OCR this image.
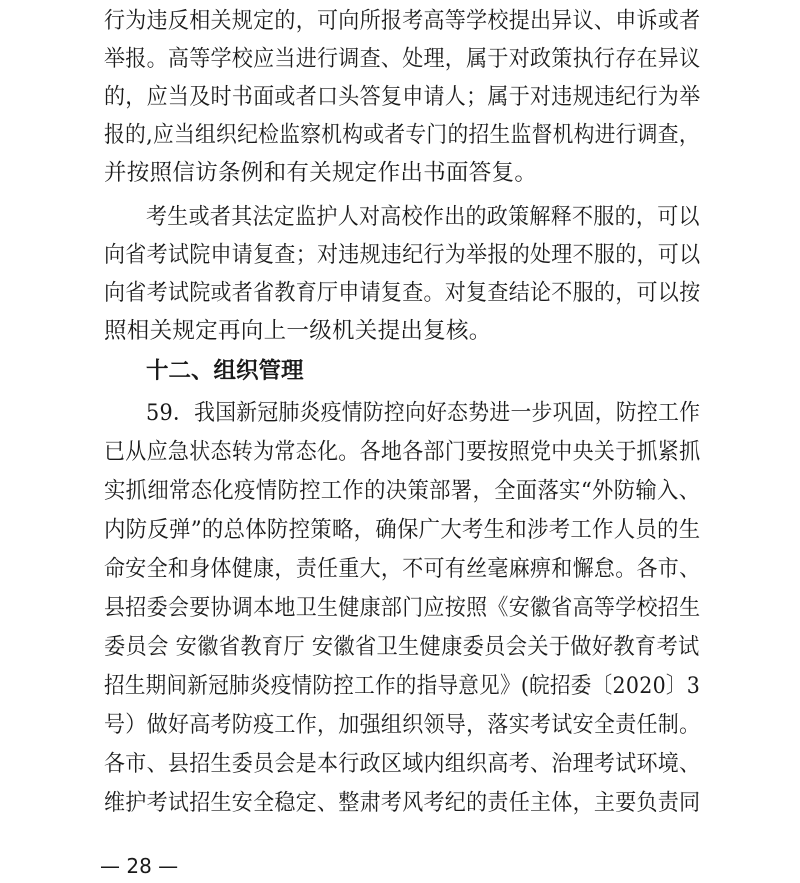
行为违反相关规定的，可向所报考高等学校提出异议、申诉或者
举报。高等学校应当进行调查、处理，属于对政策执行存在异议
的，应当及时书面或者口头答复申请人；属于对违规违纪行为举
报的,应当组织纪检监察机构或者专门的招生监督机构进行调查，
并按照信访条例和有关规定作出书面答复。
考生或者其法定监护人对高校作出的政策解释不服的，可以
向省考试院申请复查；对违规违纪行为举报的处理不服的，可以
向省考试院或者省教育厅申请复查。对复查结论不服的，可以按
照相关规定再向上一级机关提出复核。
十二、组织管理
59．我国新冠肺炎疫情防控向好态势进一步巩固，防控工作
已从应急状态转为常态化。各地各部门要按照党中央关于抓紧抓
实抓细常态化疫情防控工作的决策部署，全面落实“外防输入、
内防反弹”的总体防控策略，确保广大考生和涉考工作人员的生
命安全和身体健康，责任重大，不可有丝毫麻痹和懈怠。各市、
县招委会要协调本地卫生健康部门应按照《安徽省高等学校招生
委员会 安徽省教育厅 安徽省卫生健康委员会关于做好教育考试
招生期间新冠肺炎疫情防控工作的指导意见》(皖招委〔2020〕3
号）做好高考防疫工作，加强组织领导，落实考试安全责任制。
各市、县招生委员会是本行政区域内组织高考、治理考试环境、
维护考试招生安全稳定、整肃考风考纪的责任主体，主要负责同
— 28 —
